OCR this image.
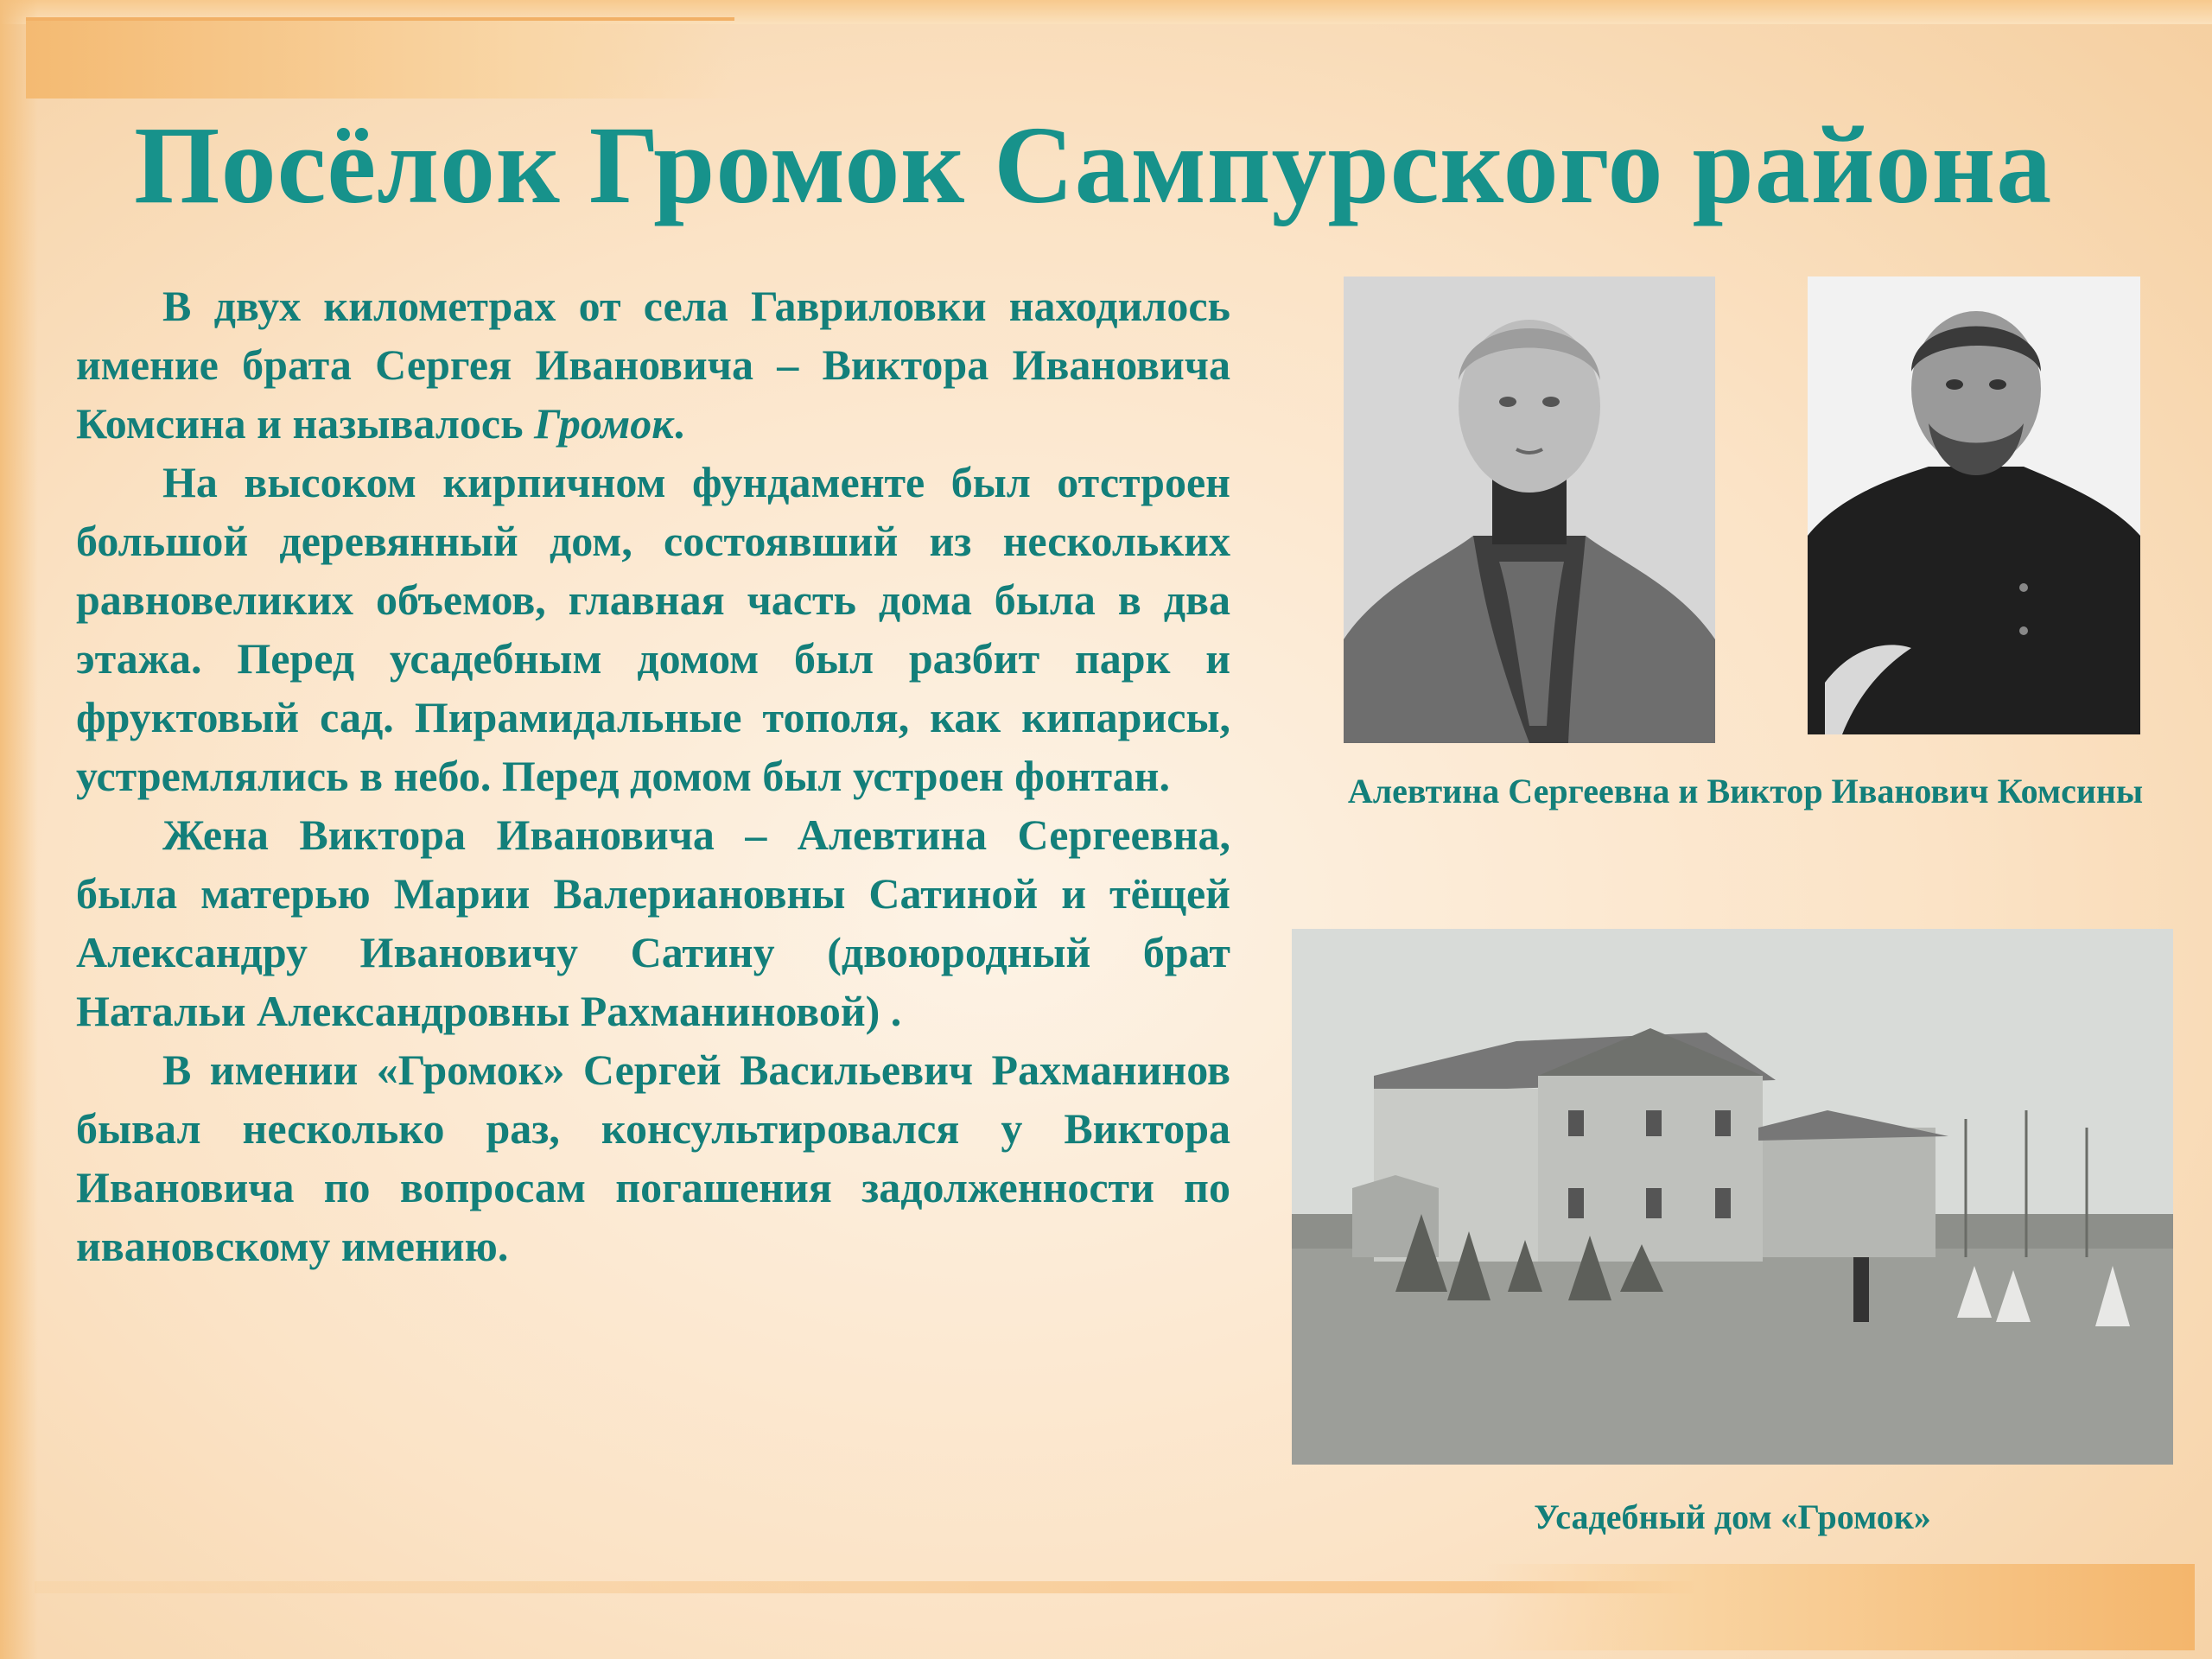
Посёлок Громок Сампурского района

В двух километрах от села Гавриловки находилось имение брата Сергея Ивановича – Виктора Ивановича Комсина и называлось Громок.

На высоком кирпичном фундаменте был отстроен большой деревянный дом, состоявший из нескольких равновеликих объемов, главная часть дома была в два этажа. Перед усадебным домом был разбит парк и фруктовый сад. Пирамидальные тополя, как кипарисы, устремлялись в небо. Перед домом был устроен фонтан.

Жена Виктора Ивановича – Алевтина Сергеевна, была матерью Марии Валериановны Сатиной и тёщей Александру Ивановичу Сатину (двоюродный брат Натальи Александровны Рахманиновой) .

В имении «Громок» Сергей Васильевич Рахманинов бывал несколько раз, консультировался у Виктора Ивановича по вопросам погашения задолженности по ивановскому имению.

Алевтина Сергеевна и Виктор Иванович Комсины

Усадебный дом «Громок»
